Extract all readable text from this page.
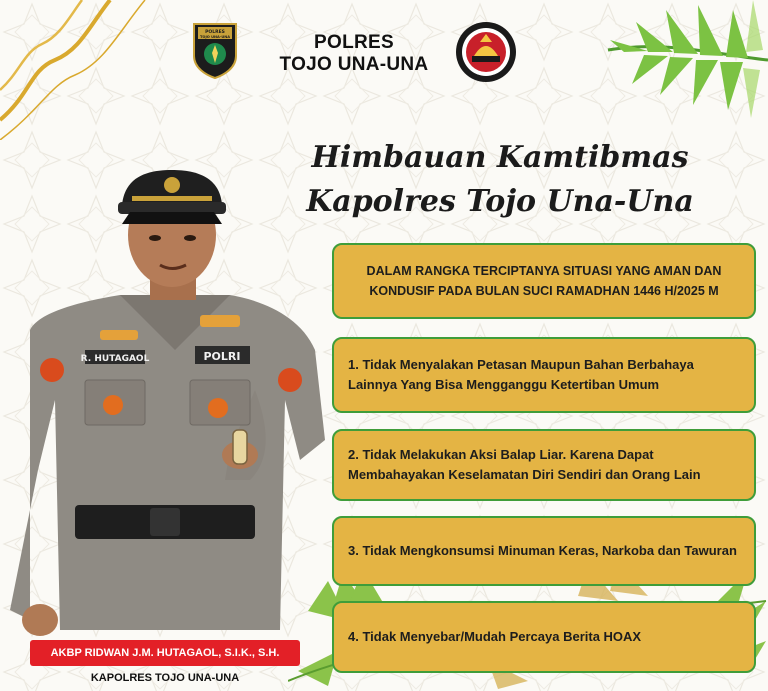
POLRES
TOJO UNA-UNA	POLRES
TOJO UNA-UNA
Himbauan Kamtibmas
Kapolres Tojo Una-Una
DALAM RANGKA TERCIPTANYA SITUASI YANG AMAN DAN KONDUSIF PADA BULAN SUCI RAMADHAN 1446 H/2025 M
1. Tidak Menyalakan Petasan Maupun Bahan Berbahaya Lainnya Yang Bisa Mengganggu Ketertiban Umum
2. Tidak Melakukan Aksi Balap Liar. Karena Dapat Membahayakan Keselamatan Diri Sendiri dan Orang Lain
3. Tidak Mengkonsumsi Minuman Keras, Narkoba dan Tawuran
4. Tidak Menyebar/Mudah Percaya Berita HOAX
R. HUTAGAOL	POLRI
AKBP RIDWAN J.M. HUTAGAOL, S.I.K., S.H.
KAPOLRES TOJO UNA-UNA
